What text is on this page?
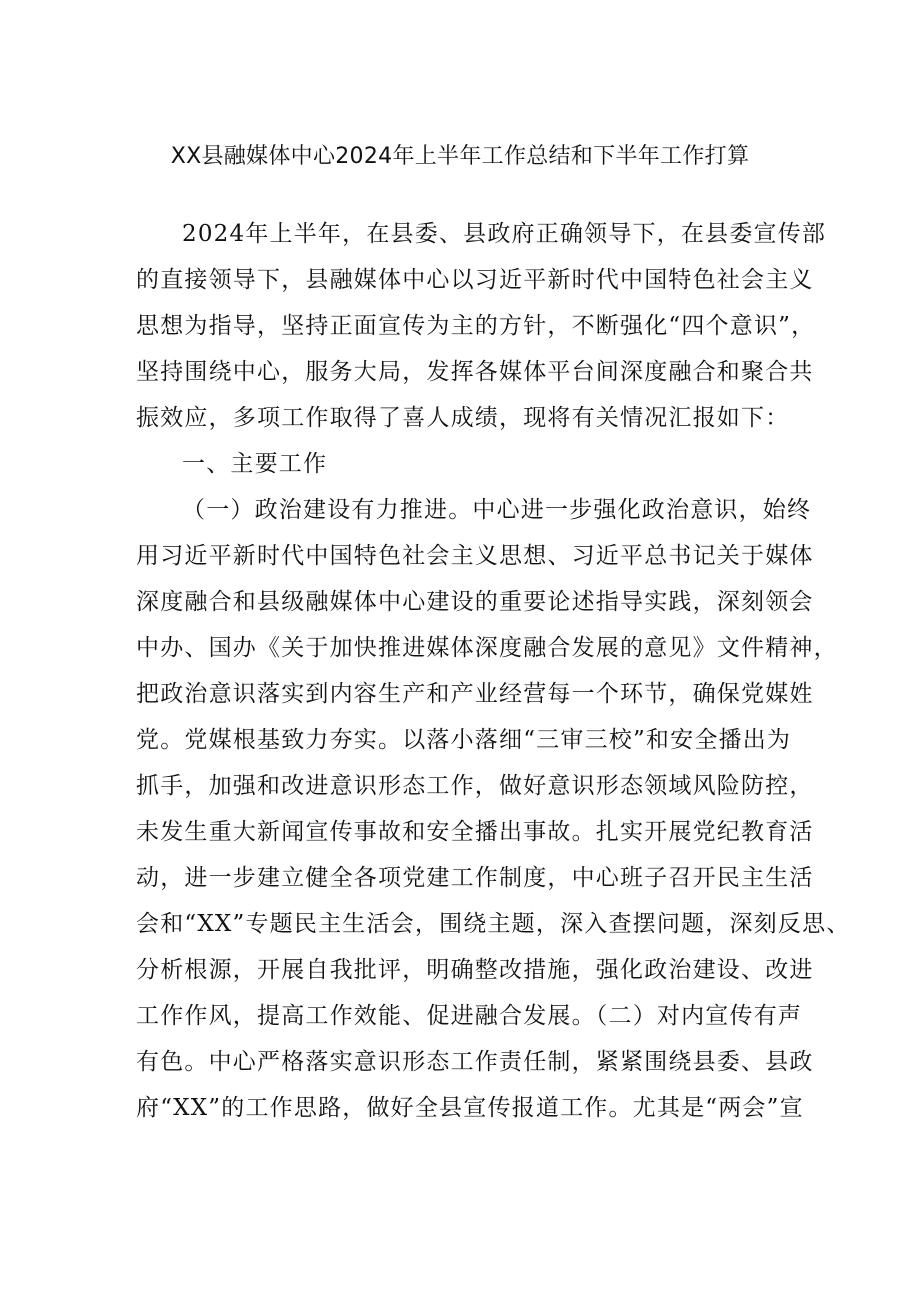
XX县融媒体中心2024年上半年工作总结和下半年工作打算
2024年上半年，在县委、县政府正确领导下，在县委宣传部
的直接领导下，县融媒体中心以习近平新时代中国特色社会主义
思想为指导，坚持正面宣传为主的方针，不断强化“四个意识”，
坚持围绕中心，服务大局，发挥各媒体平台间深度融合和聚合共
振效应，多项工作取得了喜人成绩，现将有关情况汇报如下：
一、主要工作
（一）政治建设有力推进。中心进一步强化政治意识，始终
用习近平新时代中国特色社会主义思想、习近平总书记关于媒体
深度融合和县级融媒体中心建设的重要论述指导实践，深刻领会
中办、国办《关于加快推进媒体深度融合发展的意见》文件精神，
把政治意识落实到内容生产和产业经营每一个环节，确保党媒姓
党。党媒根基致力夯实。以落小落细“三审三校”和安全播出为
抓手，加强和改进意识形态工作，做好意识形态领域风险防控，
未发生重大新闻宣传事故和安全播出事故。扎实开展党纪教育活
动，进一步建立健全各项党建工作制度，中心班子召开民主生活
会和“XX”专题民主生活会，围绕主题，深入查摆问题，深刻反思、
分析根源，开展自我批评，明确整改措施，强化政治建设、改进
工作作风，提高工作效能、促进融合发展。（二）对内宣传有声
有色。中心严格落实意识形态工作责任制，紧紧围绕县委、县政
府“XX”的工作思路，做好全县宣传报道工作。尤其是“两会”宣
